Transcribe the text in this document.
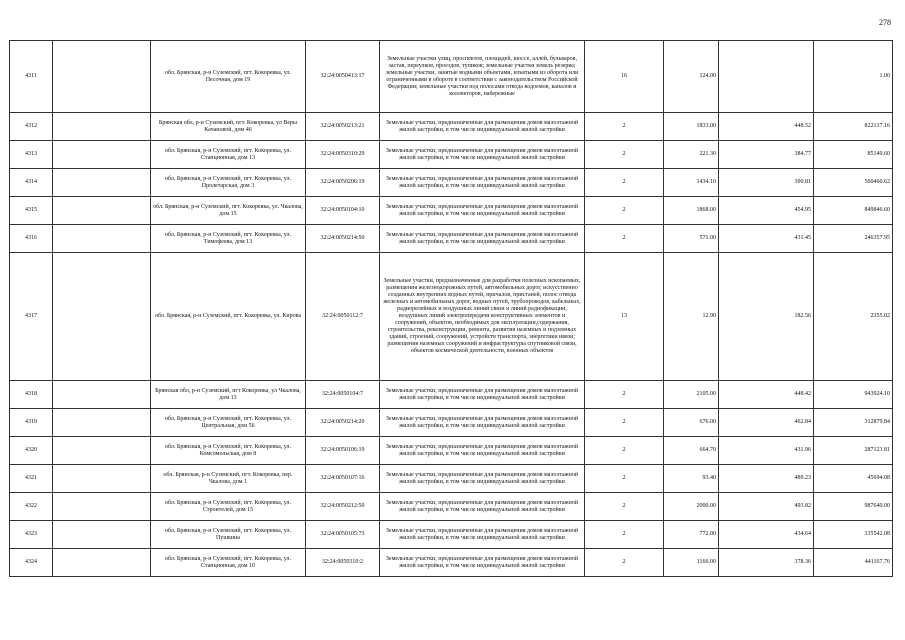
278
4311		обл. Брянская, р-н Суземский, пгт. Кокоревка, ул. Песочная, дом 19	32:24:0050413:17	Земельные участки улиц, проспектов, площадей, шоссе, аллей, бульваров, застав, переулков, проездов, тупиков; земельные участки земель резерва; земельные участки, занятые водными объектами, изъятыми из оборота или ограниченными в обороте в соответствии с законодательством Российской Федерации; земельные участки под полосами отвода водоемов, каналов и коллекторов, набережные	16	124.00		1.00
4312		Брянская обл, р-н Суземский, пгт. Кокоревка, ул Веры Качановой, дом 46	32:24:0050213:21	Земельные участки, предназначенные для размещения домов малоэтажной жилой застройки, в том числе индивидуальной жилой застройки	2	1833.00	448.52	822137.16
4313		обл. Брянская, р-н Суземский, пгт. Кокоревка, ул. Станционная, дом 13	32:24:0050310:29	Земельные участки, предназначенные для размещения домов малоэтажной жилой застройки, в том числе индивидуальной жилой застройки	2	221.30	384.77	85149.60
4314		обл. Брянская, р-н Суземский, пгт. Кокоревка, ул. Пролетарская, дом 3	32:24:0050206:19	Земельные участки, предназначенные для размещения домов малоэтажной жилой застройки, в том числе индивидуальной жилой застройки	2	1434.10	390.81	560460.62
4315		обл. Брянская, р-н Суземский, пгт. Кокоревка, ул. Чкалова, дом 15	32:24:0050104:10	Земельные участки, предназначенные для размещения домов малоэтажной жилой застройки, в том числе индивидуальной жилой застройки	2	1868.00	454.95	849846.60
4316		обл. Брянская, р-н Суземский, пгт. Кокоревка, ул. Тимофеева, дом 13	32:24:0050214:50	Земельные участки, предназначенные для размещения домов малоэтажной жилой застройки, в том числе индивидуальной жилой застройки	2	571.00	431.45	246357.95
4317		обл. Брянская, р-н Суземский, пгт. Кокоревка, ул. Кирова	32:24:0050112:7	Земельные участки, предназначенные для разработки полезных ископаемых, размещения железнодорожных путей, автомобильных дорог, искусственно созданных внутренних водных путей, причалов, пристаней, полос отвода железных и автомобильных дорог, водных путей, трубопроводов, кабельных, радиорелейных и воздушных линий связи и линий радиофикации, воздушных линий электропередачи конструктивных элементов и сооружений, объектов, необходимых для эксплуатации,содержания, строительства, реконструкции, ремонта, развития наземных и подземных зданий, строений, сооружений, устройств транспорта, энергетики ивязи; размещения наземных сооружений и инфраструктуры спутниковой связи, объектов космической деятельности, военных объектов	13	12.90	182.56	2355.02
4318		Брянская обл, р-н Суземский, пгт Кокоревка, ул Чкалова, дом 13	32:24:0050104:7	Земельные участки, предназначенные для размещения домов малоэтажной жилой застройки, в том числе индивидуальной жилой застройки	2	2105.00	448.42	943924.10
4319		обл. Брянская, р-н Суземский, пгт. Кокоревка, ул. Центральная, дом 56	32:24:0050214:20	Земельные участки, предназначенные для размещения домов малоэтажной жилой застройки, в том числе индивидуальной жилой застройки	2	676.00	462.84	312879.84
4320		обл. Брянская, р-н Суземский, пгт. Кокоревка, ул. Комсомольская, дом 8	32:24:0050106:19	Земельные участки, предназначенные для размещения домов малоэтажной жилой застройки, в том числе индивидуальной жилой застройки	2	664.70	431.96	287123.81
4321		обл. Брянская, р-н Суземский, пгт. Кокоревка, пер. Чкалова, дом 1	32:24:0050107:16	Земельные участки, предназначенные для размещения домов малоэтажной жилой застройки, в том числе индивидуальной жилой застройки	2	93.40	489.23	45694.08
4322		обл. Брянская, р-н Суземский, пгт. Кокоревка, ул. Строителей, дом 15	32:24:0050212:50	Земельные участки, предназначенные для размещения домов малоэтажной жилой застройки, в том числе индивидуальной жилой застройки	2	2000.00	493.82	987640.00
4323		обл. Брянская, р-н Суземский, пгт. Кокоревка, ул. Пушкина	32:24:0050105:73	Земельные участки, предназначенные для размещения домов малоэтажной жилой застройки, в том числе индивидуальной жилой застройки	2	772.00	434.64	335542.08
4324		обл. Брянская, р-н Суземский, пгт. Кокоревка, ул. Станционная, дом 10	32:24:0050310:2	Земельные участки, предназначенные для размещения домов малоэтажной жилой застройки, в том числе индивидуальной жилой застройки	2	1166.00	378.36	441167.76
